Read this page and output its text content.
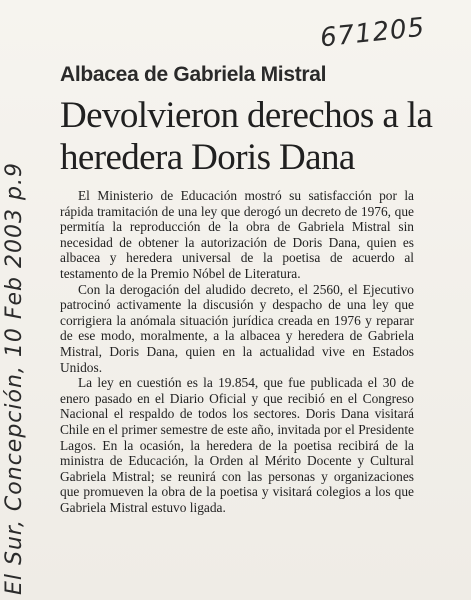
671205
El Sur, Concepción, 10 Feb 2003 p.9
Albacea de Gabriela Mistral
Devolvieron derechos a la heredera Doris Dana

El Ministerio de Educación mostró su satisfacción por la rápida tramitación de una ley que derogó un decreto de 1976, que permitía la reproducción de la obra de Gabriela Mistral sin necesidad de obtener la autorización de Doris Dana, quien es albacea y heredera universal de la poetisa de acuerdo al testamento de la Premio Nóbel de Literatura.

Con la derogación del aludido decreto, el 2560, el Ejecutivo patrocinó activamente la discusión y despacho de una ley que corrigiera la anómala situación jurídica creada en 1976 y reparar de ese modo, moralmente, a la albacea y heredera de Gabriela Mistral, Doris Dana, quien en la actualidad vive en Estados Unidos.

La ley en cuestión es la 19.854, que fue publicada el 30 de enero pasado en el Diario Oficial y que recibió en el Congreso Nacional el respaldo de todos los sectores. Doris Dana visitará Chile en el primer semestre de este año, invitada por el Presidente Lagos. En la ocasión, la heredera de la poetisa recibirá de la ministra de Educación, la Orden al Mérito Docente y Cultural Gabriela Mistral; se reunirá con las personas y organizaciones que promueven la obra de la poetisa y visitará colegios a los que Gabriela Mistral estuvo ligada.
